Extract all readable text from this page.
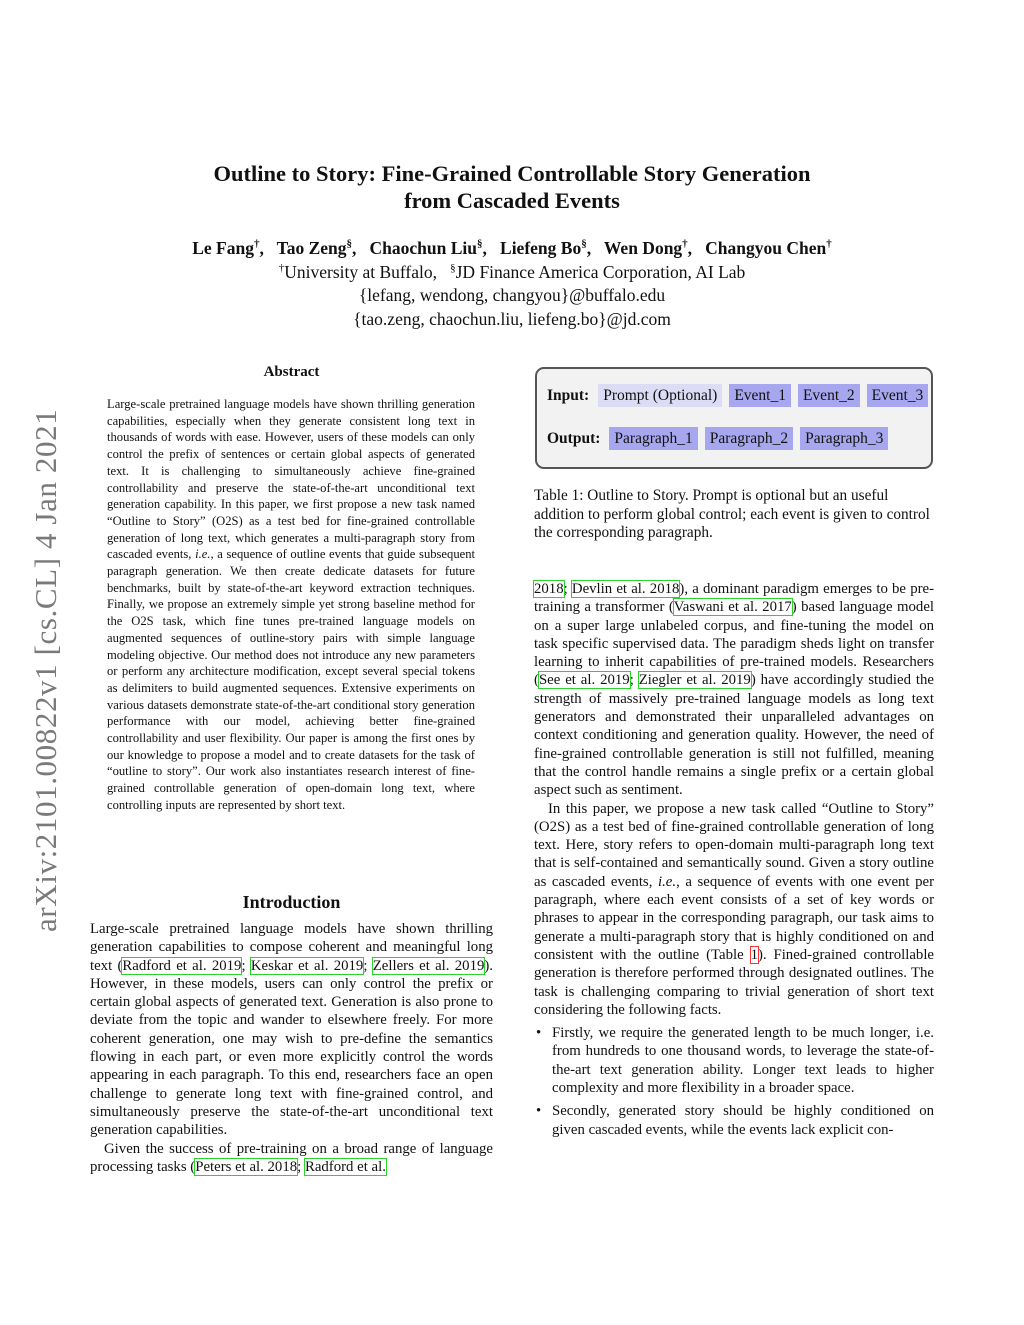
arXiv:2101.00822v1 [cs.CL] 4 Jan 2021
Outline to Story: Fine-Grained Controllable Story Generation
from Cascaded Events
Le Fang†, Tao Zeng§, Chaochun Liu§, Liefeng Bo§, Wen Dong†, Changyou Chen†
†University at Buffalo, §JD Finance America Corporation, AI Lab
{lefang, wendong, changyou}@buffalo.edu
{tao.zeng, chaochun.liu, liefeng.bo}@jd.com
Abstract
Large-scale pretrained language models have shown thrilling generation capabilities, especially when they generate consistent long text in thousands of words with ease. However, users of these models can only control the prefix of sentences or certain global aspects of generated text. It is challenging to simultaneously achieve fine-grained controllability and preserve the state-of-the-art unconditional text generation capability. In this paper, we first propose a new task named “Outline to Story” (O2S) as a test bed for fine-grained controllable generation of long text, which generates a multi-paragraph story from cascaded events, i.e., a sequence of outline events that guide subsequent paragraph generation. We then create dedicate datasets for future benchmarks, built by state-of-the-art keyword extraction techniques. Finally, we propose an extremely simple yet strong baseline method for the O2S task, which fine tunes pre-trained language models on augmented sequences of outline-story pairs with simple language modeling objective. Our method does not introduce any new parameters or perform any architecture modification, except several special tokens as delimiters to build augmented sequences. Extensive experiments on various datasets demonstrate state-of-the-art conditional story generation performance with our model, achieving better fine-grained controllability and user flexibility. Our paper is among the first ones by our knowledge to propose a model and to create datasets for the task of “outline to story”. Our work also instantiates research interest of fine-grained controllable generation of open-domain long text, where controlling inputs are represented by short text.
Introduction

Large-scale pretrained language models have shown thrilling generation capabilities to compose coherent and meaningful long text (Radford et al. 2019; Keskar et al. 2019; Zellers et al. 2019). However, in these models, users can only control the prefix or certain global aspects of generated text. Generation is also prone to deviate from the topic and wander to elsewhere freely. For more coherent generation, one may wish to pre-define the semantics flowing in each part, or even more explicitly control the words appearing in each paragraph. To this end, researchers face an open challenge to generate long text with fine-grained control, and simultaneously preserve the state-of-the-art unconditional text generation capabilities.

Given the success of pre-training on a broad range of language processing tasks (Peters et al. 2018; Radford et al.

Input: Prompt (Optional)	Event_1	Event_2	Event_3
Output: Paragraph_1	Paragraph_2	Paragraph_3
Table 1: Outline to Story. Prompt is optional but an useful addition to perform global control; each event is given to control the corresponding paragraph.

2018; Devlin et al. 2018), a dominant paradigm emerges to be pre-training a transformer (Vaswani et al. 2017) based language model on a super large unlabeled corpus, and fine-tuning the model on task specific supervised data. The paradigm sheds light on transfer learning to inherit capabilities of pre-trained models. Researchers (See et al. 2019; Ziegler et al. 2019) have accordingly studied the strength of massively pre-trained language models as long text generators and demonstrated their unparalleled advantages on context conditioning and generation quality. However, the need of fine-grained controllable generation is still not fulfilled, meaning that the control handle remains a single prefix or a certain global aspect such as sentiment.

In this paper, we propose a new task called “Outline to Story” (O2S) as a test bed of fine-grained controllable generation of long text. Here, story refers to open-domain multi-paragraph long text that is self-contained and semantically sound. Given a story outline as cascaded events, i.e., a sequence of events with one event per paragraph, where each event consists of a set of key words or phrases to appear in the corresponding paragraph, our task aims to generate a multi-paragraph story that is highly conditioned on and consistent with the outline (Table 1). Fined-grained controllable generation is therefore performed through designated outlines. The task is challenging comparing to trivial generation of short text considering the following facts.

• Firstly, we require the generated length to be much longer, i.e. from hundreds to one thousand words, to leverage the state-of-the-art text generation ability. Longer text leads to higher complexity and more flexibility in a broader space.
• Secondly, generated story should be highly conditioned on given cascaded events, while the events lack explicit con-
